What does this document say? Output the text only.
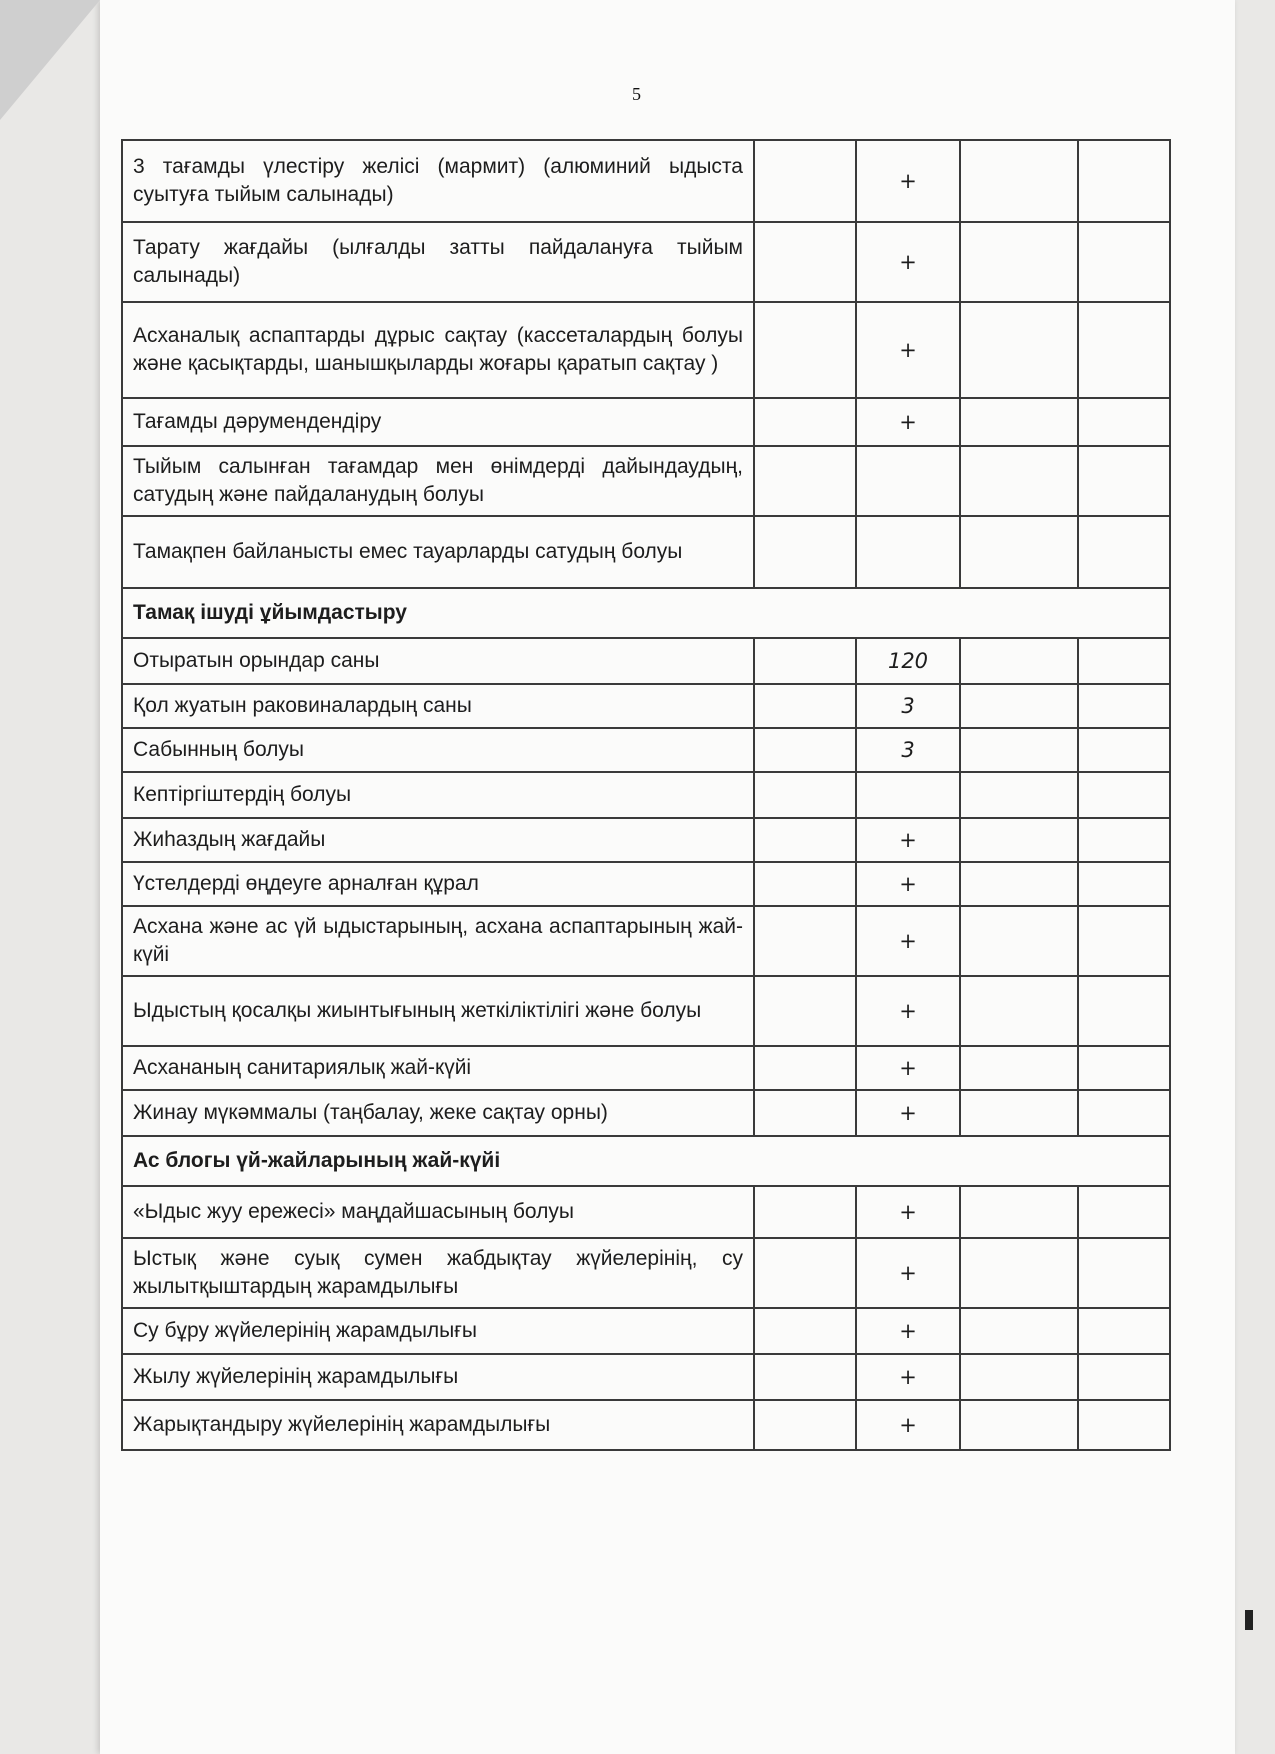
5
3 тағамды үлестіру желісі (мармит) (алюминий ыдыста суытуға тыйым салынады)		+		
Тарату жағдайы (ылғалды затты пайдалануға тыйым салынады)		+		
Асханалық аспаптарды дұрыс сақтау (кассеталардың болуы және қасықтарды, шанышқыларды жоғары қаратып сақтау )		+		
Тағамды дәрумендендіру		+		
Тыйым салынған тағамдар мен өнімдерді дайындаудың, сатудың және пайдаланудың болуы				
Тамақпен байланысты емес тауарларды сатудың болуы				
Тамақ ішуді ұйымдастыру				
Отыратын орындар саны		120		
Қол жуатын раковиналардың саны		3		
Сабынның болуы		3		
Кептіргіштердің болуы				
Жиһаздың жағдайы		+		
Үстелдерді өңдеуге арналған құрал		+		
Асхана және ас үй ыдыстарының, асхана аспаптарының жай-күйі		+		
Ыдыстың қосалқы жиынтығының жеткіліктілігі және болуы		+		
Асхананың санитариялық жай-күйі		+		
Жинау мүкәммалы (таңбалау, жеке сақтау орны)		+		
Ас блогы үй-жайларының жай-күйі				
«Ыдыс жуу ережесі» маңдайшасының болуы		+		
Ыстық және суық сумен жабдықтау жүйелерінің, су жылытқыштардың жарамдылығы		+		
Су бұру жүйелерінің жарамдылығы		+		
Жылу жүйелерінің жарамдылығы		+		
Жарықтандыру жүйелерінің жарамдылығы		+		
